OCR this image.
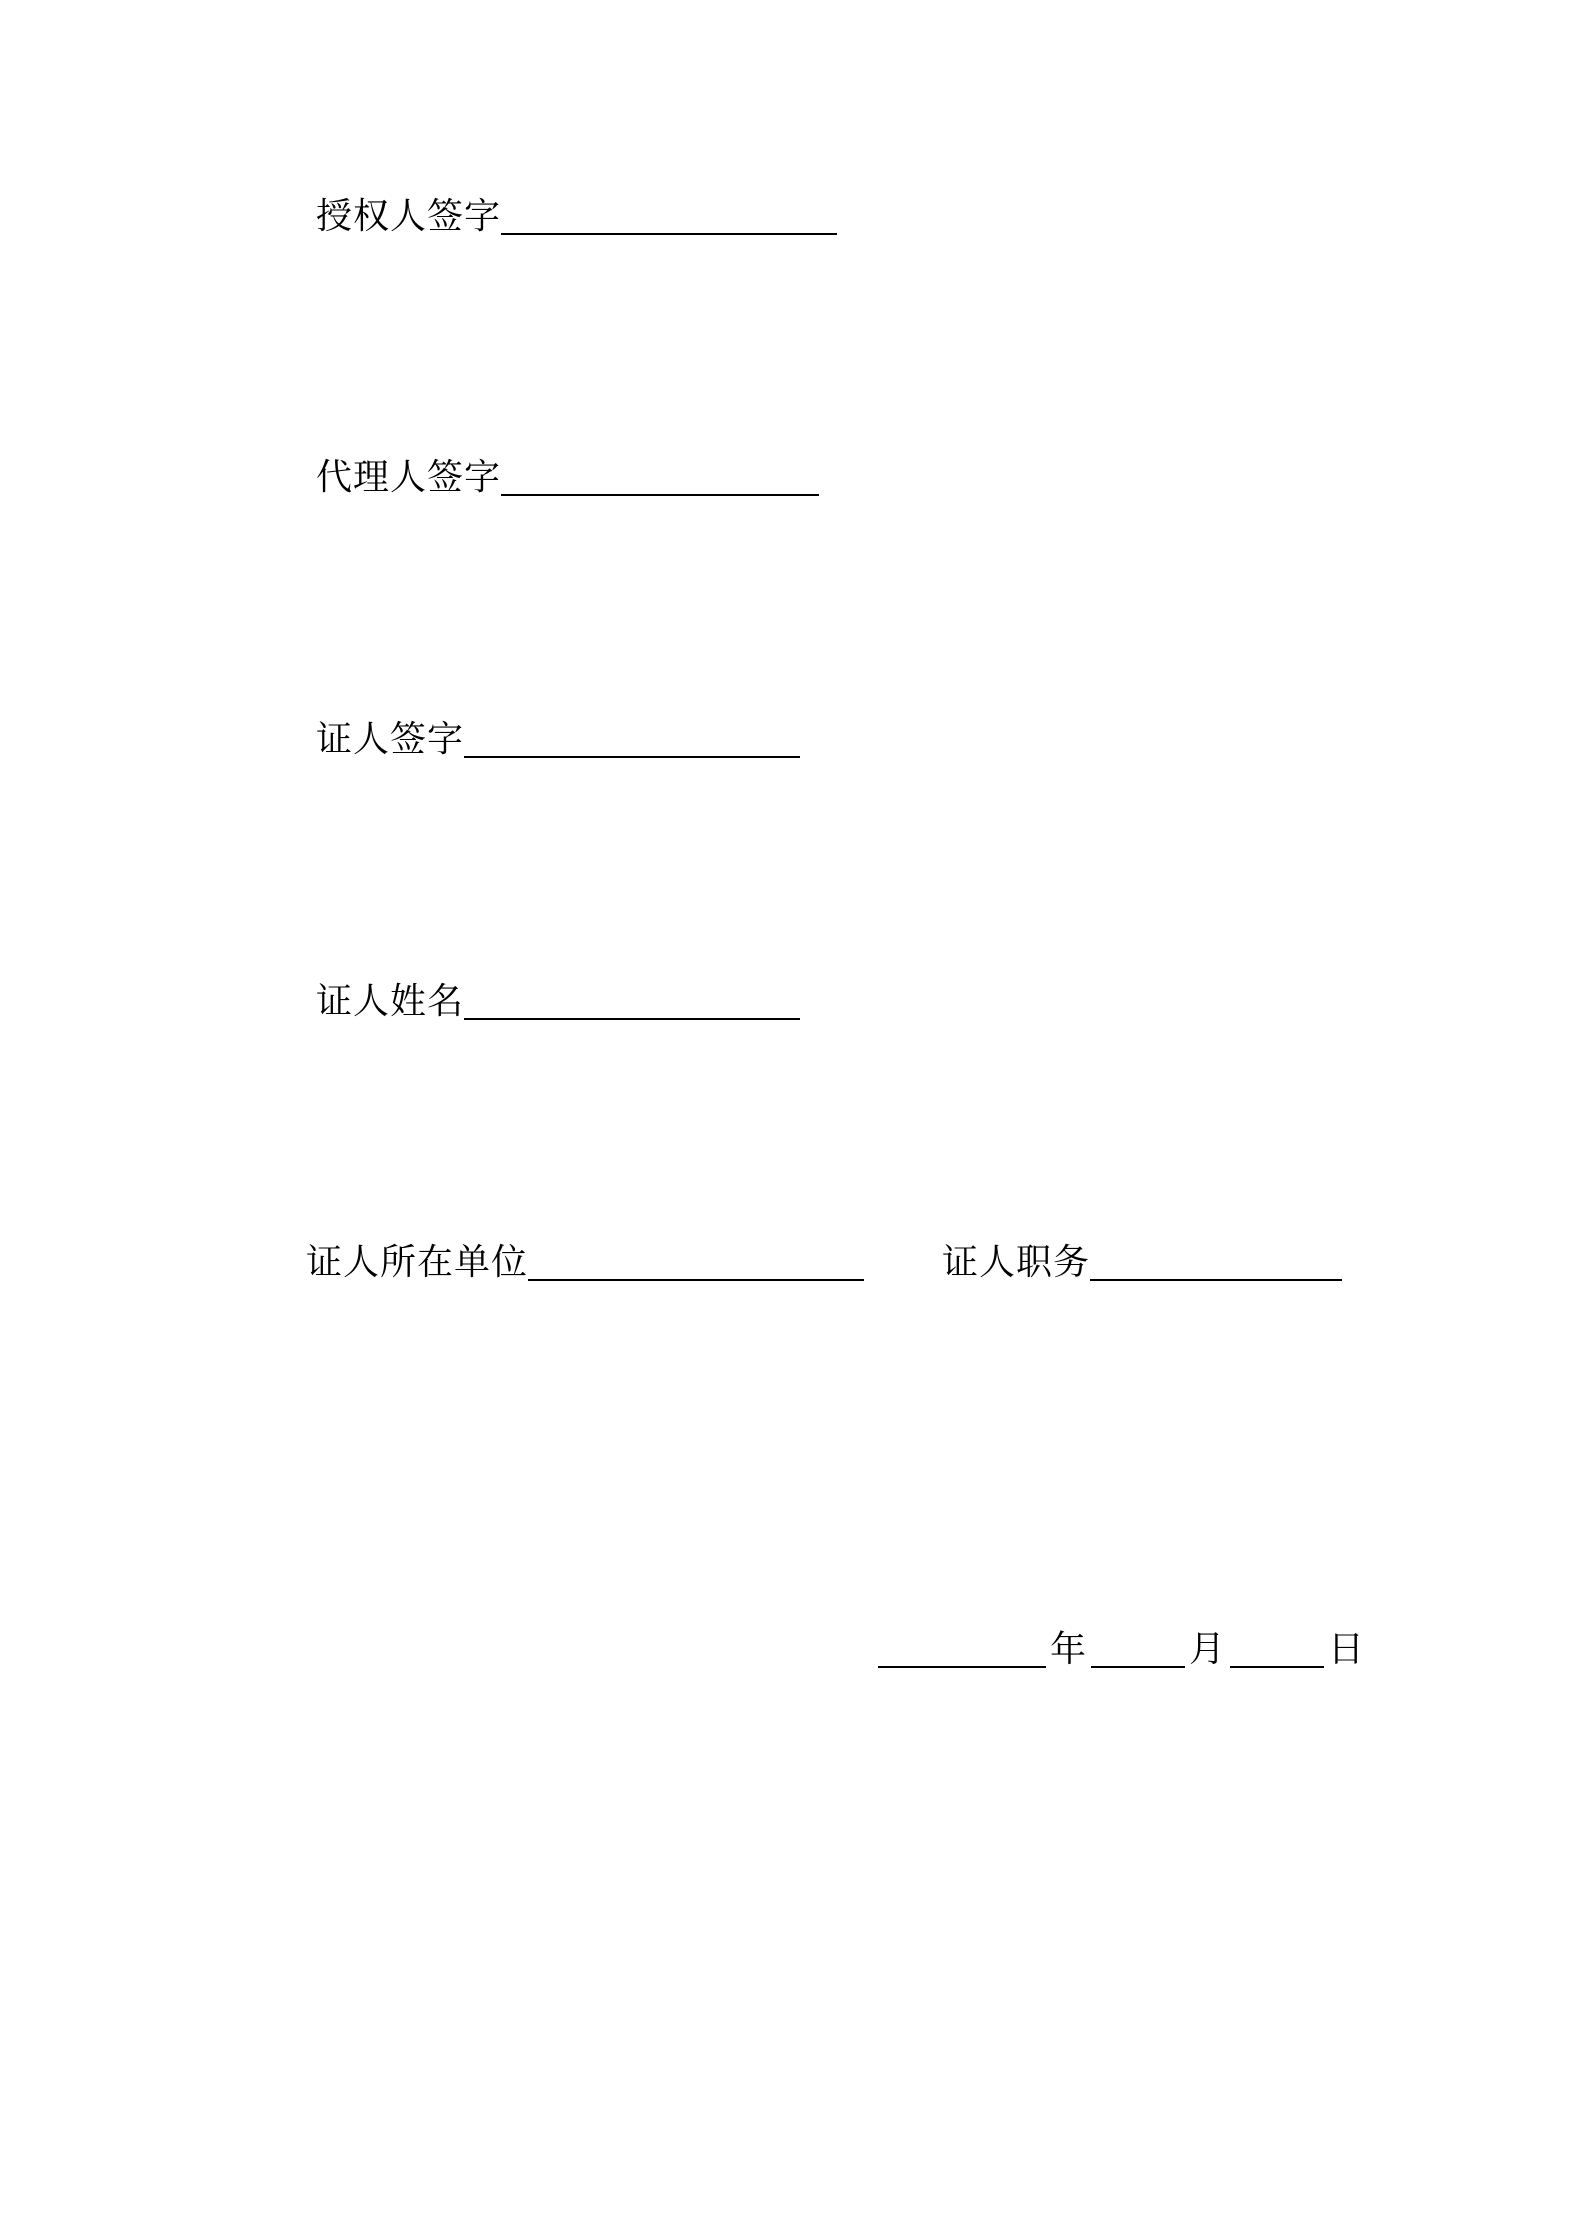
授权人签字
代理人签字
证人签字
证人姓名
证人所在单位	证人职务
年	月	日
